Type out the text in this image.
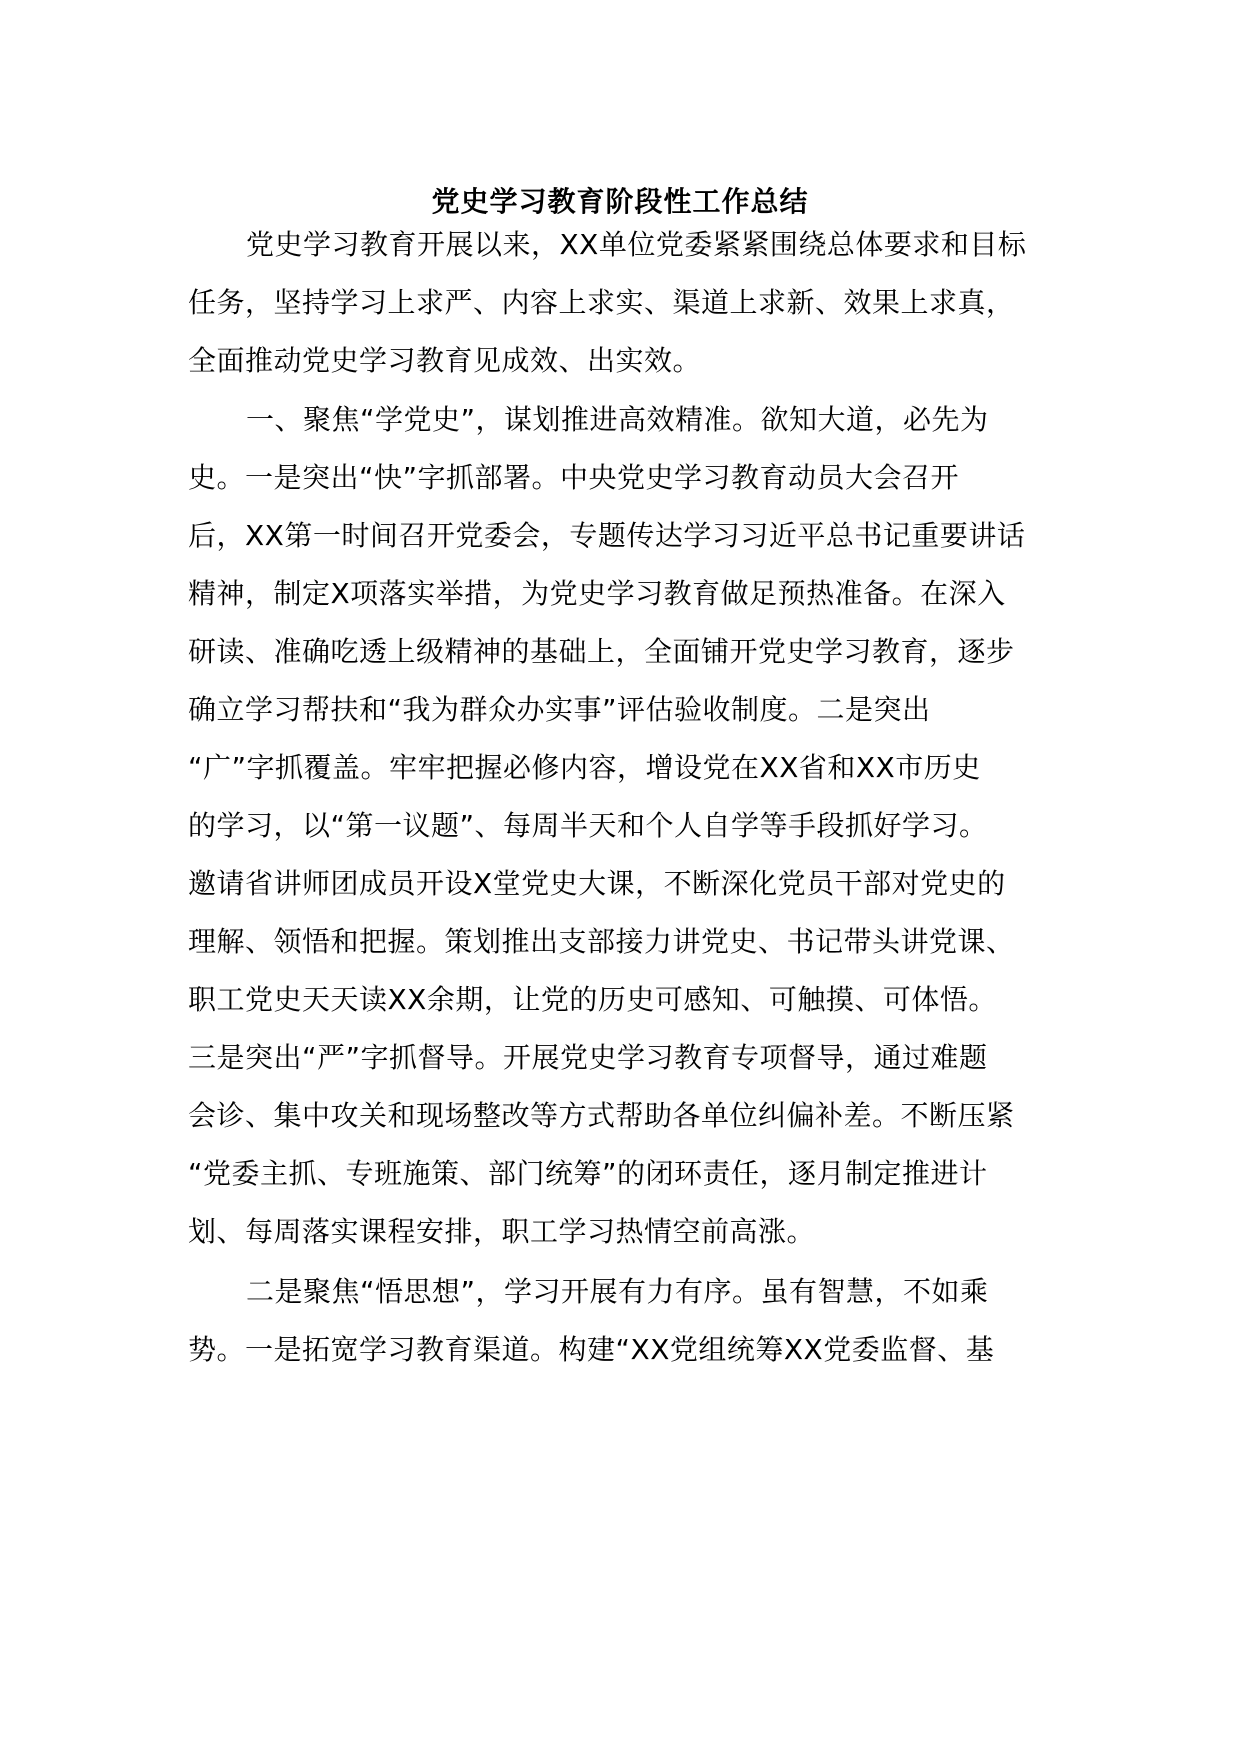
党史学习教育阶段性工作总结
党史学习教育开展以来，XX单位党委紧紧围绕总体要求和目标
任务，坚持学习上求严、内容上求实、渠道上求新、效果上求真，
全面推动党史学习教育见成效、出实效。
一、聚焦“学党史”，谋划推进高效精准。欲知大道，必先为
史。一是突出“快”字抓部署。中央党史学习教育动员大会召开
后，XX第一时间召开党委会，专题传达学习习近平总书记重要讲话
精神，制定X项落实举措，为党史学习教育做足预热准备。在深入
研读、准确吃透上级精神的基础上，全面铺开党史学习教育，逐步
确立学习帮扶和“我为群众办实事”评估验收制度。二是突出
“广”字抓覆盖。牢牢把握必修内容，增设党在XX省和XX市历史
的学习，以“第一议题”、每周半天和个人自学等手段抓好学习。
邀请省讲师团成员开设X堂党史大课，不断深化党员干部对党史的
理解、领悟和把握。策划推出支部接力讲党史、书记带头讲党课、
职工党史天天读XX余期，让党的历史可感知、可触摸、可体悟。
三是突出“严”字抓督导。开展党史学习教育专项督导，通过难题
会诊、集中攻关和现场整改等方式帮助各单位纠偏补差。不断压紧
“党委主抓、专班施策、部门统筹”的闭环责任，逐月制定推进计
划、每周落实课程安排，职工学习热情空前高涨。
二是聚焦“悟思想”，学习开展有力有序。虽有智慧，不如乘
势。一是拓宽学习教育渠道。构建“XX党组统筹XX党委监督、基
